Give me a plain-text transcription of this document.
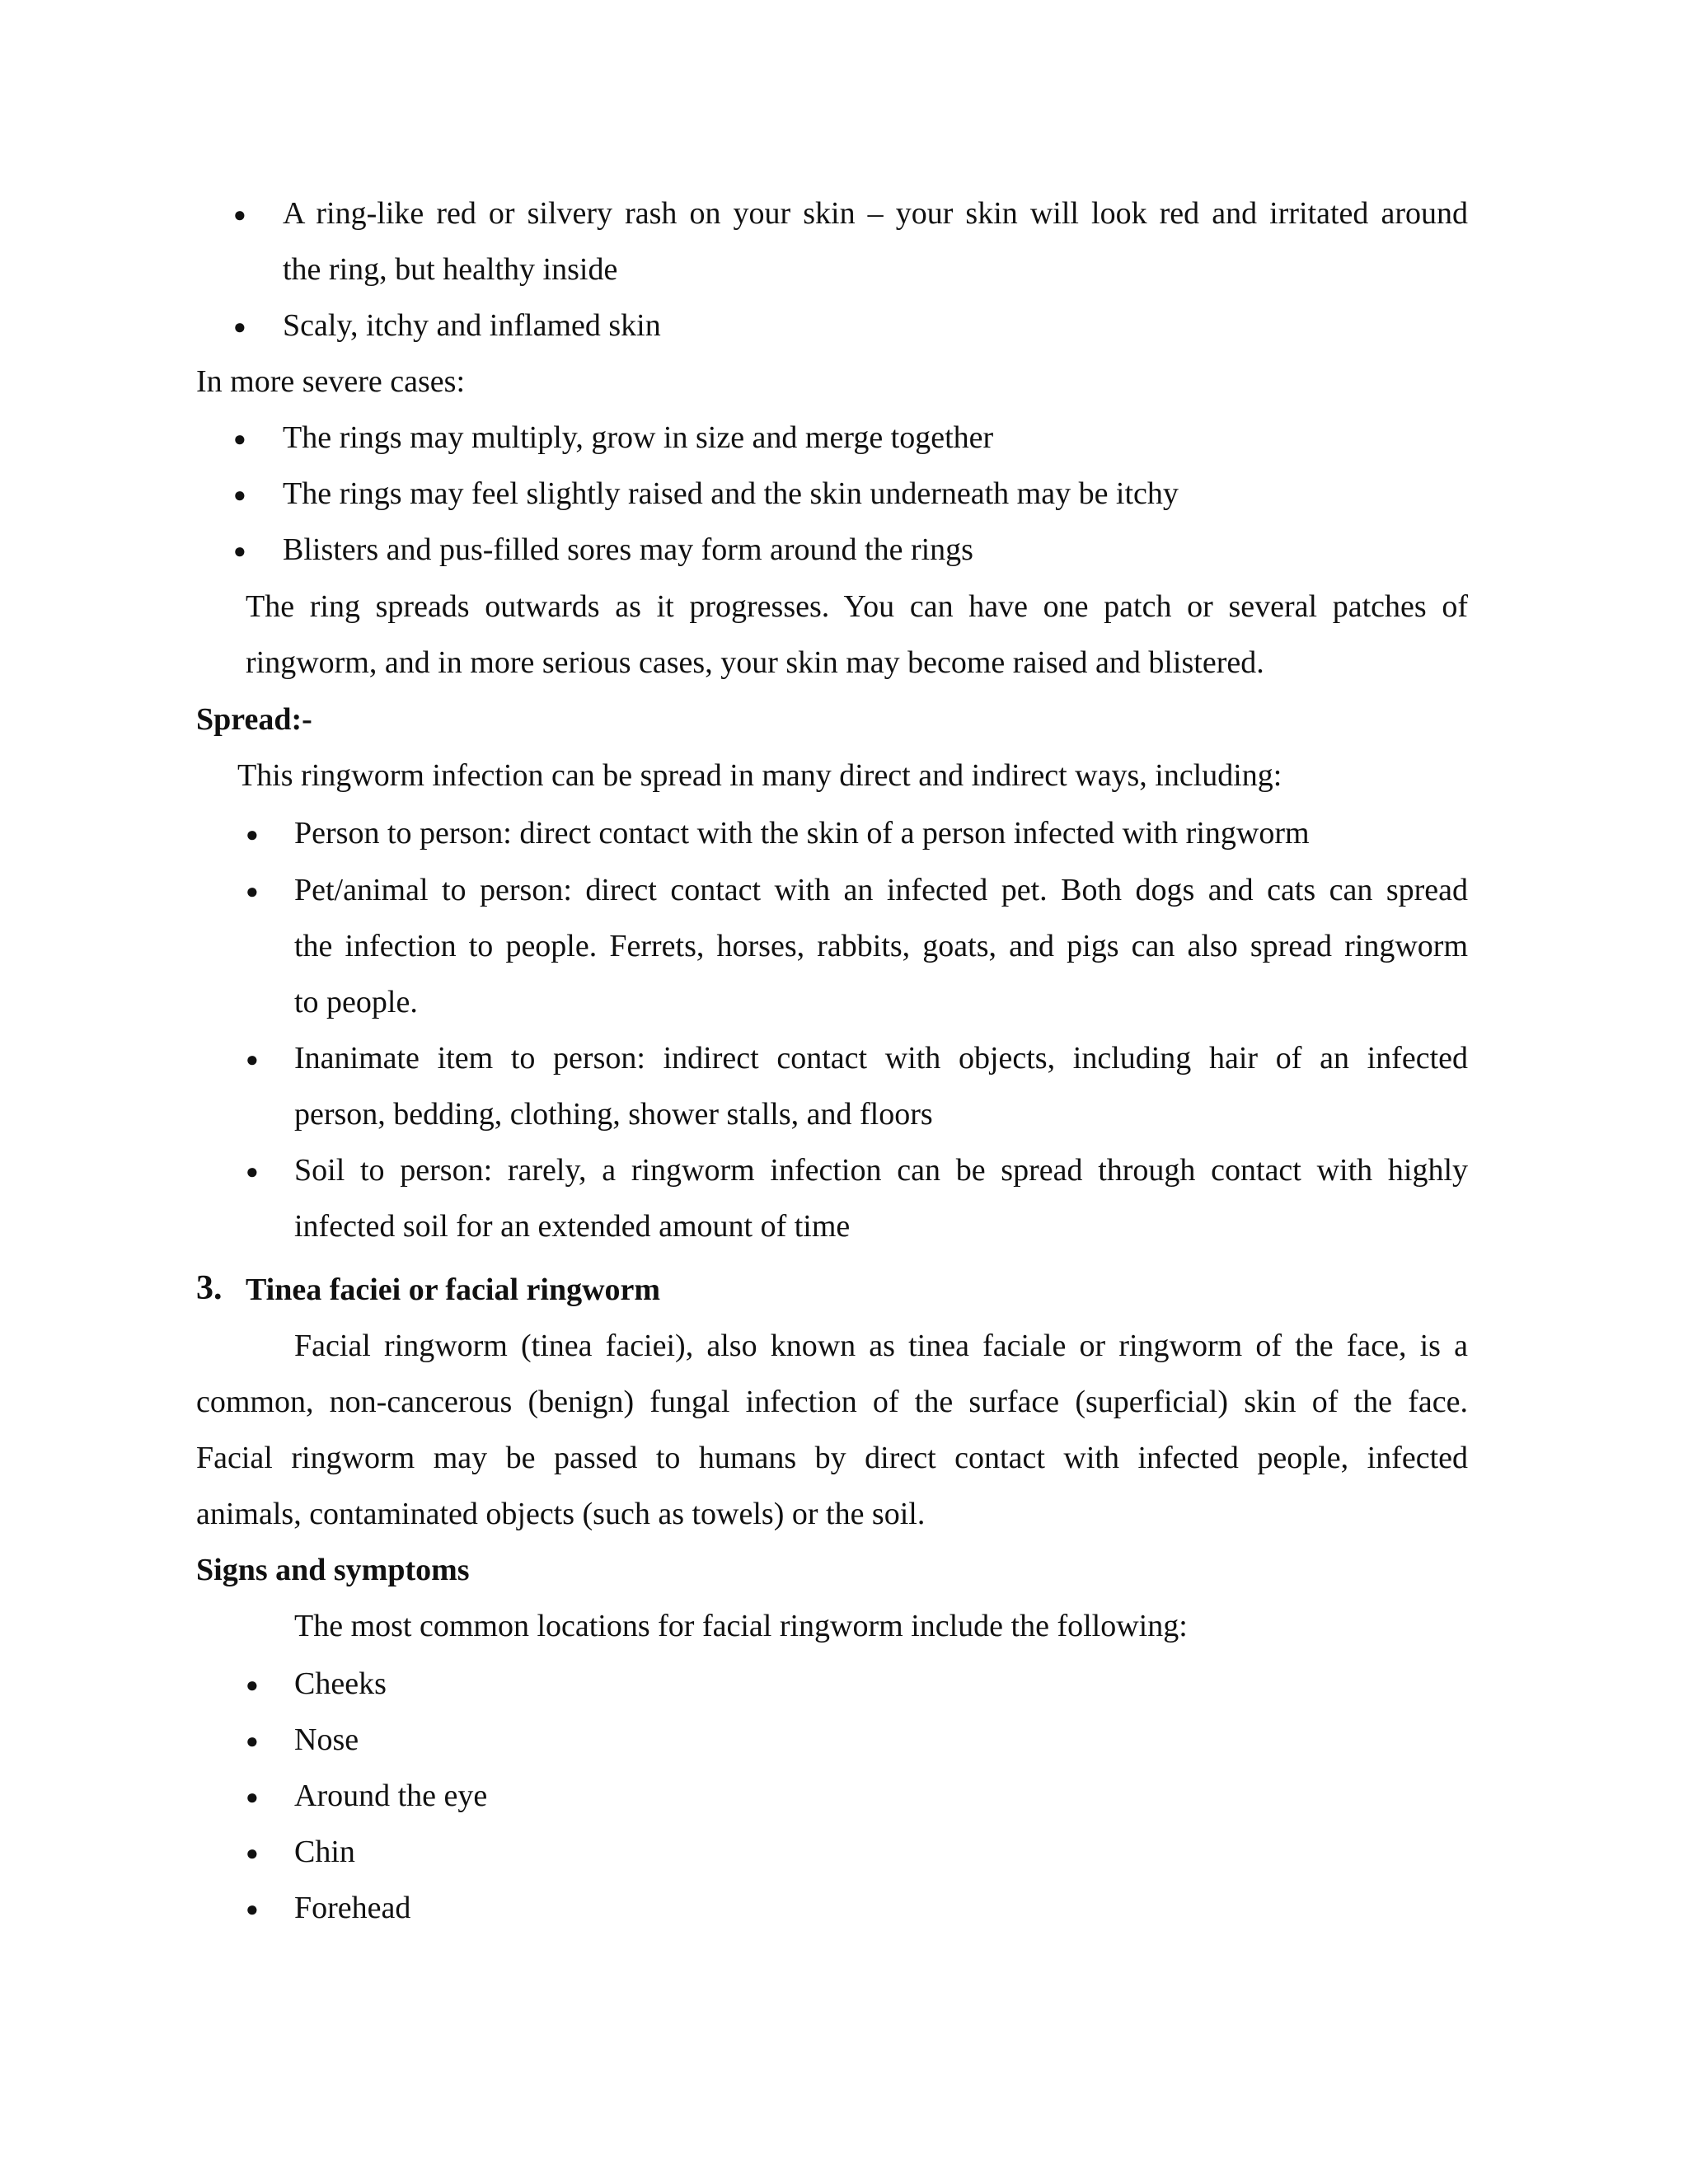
● A ring-like red or silvery rash on your skin – your skin will look red and irritated around
the ring, but healthy inside
● Scaly, itchy and inflamed skin
In more severe cases:
● The rings may multiply, grow in size and merge together
● The rings may feel slightly raised and the skin underneath may be itchy
● Blisters and pus-filled sores may form around the rings
The ring spreads outwards as it progresses. You can have one patch or several patches of
ringworm, and in more serious cases, your skin may become raised and blistered.
Spread:-
This ringworm infection can be spread in many direct and indirect ways, including:
● Person to person: direct contact with the skin of a person infected with ringworm
● Pet/animal to person: direct contact with an infected pet. Both dogs and cats can spread
the infection to people. Ferrets, horses, rabbits, goats, and pigs can also spread ringworm
to people.
● Inanimate item to person: indirect contact with objects, including hair of an infected
person, bedding, clothing, shower stalls, and floors
● Soil to person: rarely, a ringworm infection can be spread through contact with highly
infected soil for an extended amount of time
3. Tinea faciei or facial ringworm
Facial ringworm (tinea faciei), also known as tinea faciale or ringworm of the face, is a
common, non-cancerous (benign) fungal infection of the surface (superficial) skin of the face.
Facial ringworm may be passed to humans by direct contact with infected people, infected
animals, contaminated objects (such as towels) or the soil.
Signs and symptoms
The most common locations for facial ringworm include the following:
● Cheeks
● Nose
● Around the eye
● Chin
● Forehead
